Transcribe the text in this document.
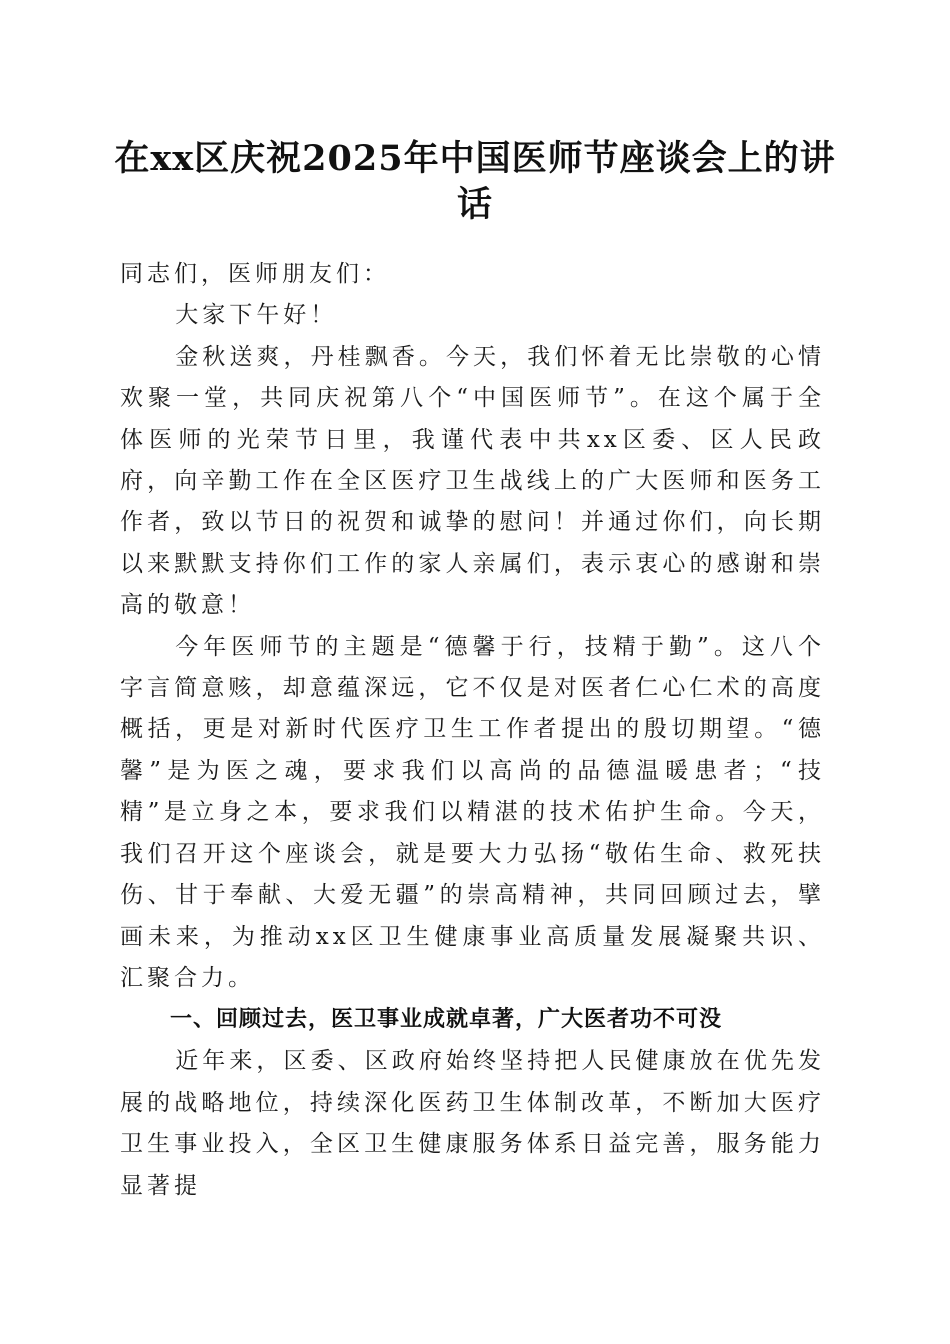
在xx区庆祝2025年中国医师节座谈会上的讲话

同志们，医师朋友们：

大家下午好！

金秋送爽，丹桂飘香。今天，我们怀着无比崇敬的心情欢聚一堂，共同庆祝第八个“中国医师节”。在这个属于全体医师的光荣节日里，我谨代表中共xx区委、区人民政府，向辛勤工作在全区医疗卫生战线上的广大医师和医务工作者，致以节日的祝贺和诚挚的慰问！并通过你们，向长期以来默默支持你们工作的家人亲属们，表示衷心的感谢和崇高的敬意！

今年医师节的主题是“德馨于行，技精于勤”。这八个字言简意赅，却意蕴深远，它不仅是对医者仁心仁术的高度概括，更是对新时代医疗卫生工作者提出的殷切期望。“德馨”是为医之魂，要求我们以高尚的品德温暖患者；“技精”是立身之本，要求我们以精湛的技术佑护生命。今天，我们召开这个座谈会，就是要大力弘扬“敬佑生命、救死扶伤、甘于奉献、大爱无疆”的崇高精神，共同回顾过去，擘画未来，为推动xx区卫生健康事业高质量发展凝聚共识、汇聚合力。

一、回顾过去，医卫事业成就卓著，广大医者功不可没

近年来，区委、区政府始终坚持把人民健康放在优先发展的战略地位，持续深化医药卫生体制改革，不断加大医疗卫生事业投入，全区卫生健康服务体系日益完善，服务能力显著提
